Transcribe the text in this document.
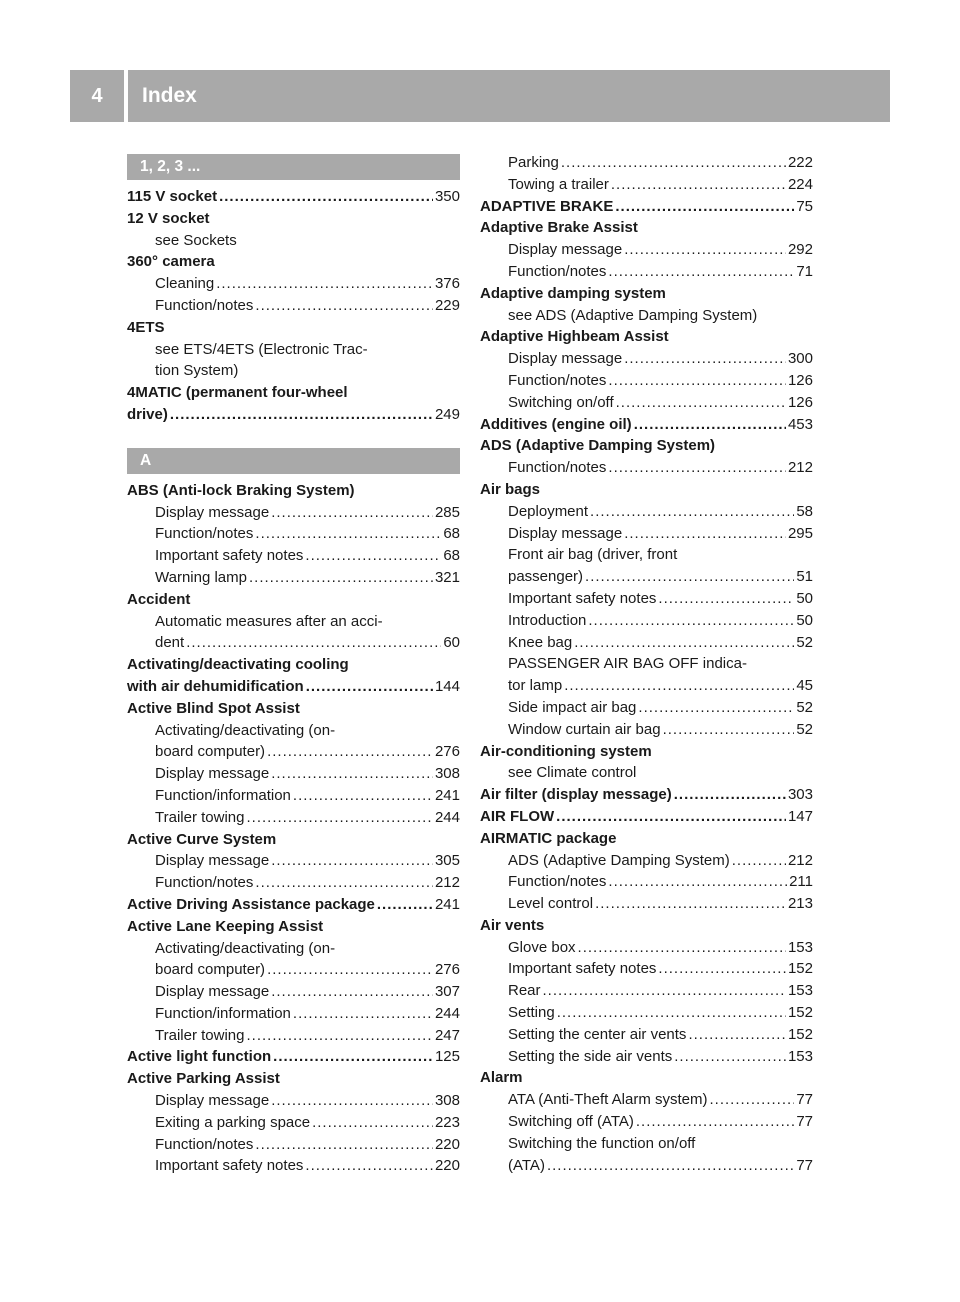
4	Index
1, 2, 3 ...
115 V socket .....	350
12 V socket
see Sockets
360° camera
Cleaning .....	376
Function/notes .....	229
4ETS
see ETS/4ETS (Electronic Trac-
tion System)
4MATIC (permanent four-wheel
drive) .....	249
A
ABS (Anti-lock Braking System)
Display message .....	285
Function/notes .....	68
Important safety notes .....	68
Warning lamp .....	321
Accident
Automatic measures after an acci-
dent .....	60
Activating/deactivating cooling
with air dehumidification .....	144
Active Blind Spot Assist
Activating/deactivating (on-
board computer) .....	276
Display message .....	308
Function/information .....	241
Trailer towing .....	244
Active Curve System
Display message .....	305
Function/notes .....	212
Active Driving Assistance package .....	241
Active Lane Keeping Assist
Activating/deactivating (on-
board computer) .....	276
Display message .....	307
Function/information .....	244
Trailer towing .....	247
Active light function .....	125
Active Parking Assist
Display message .....	308
Exiting a parking space .....	223
Function/notes .....	220
Important safety notes .....	220
Parking .....	222
Towing a trailer .....	224
ADAPTIVE BRAKE .....	75
Adaptive Brake Assist
Display message .....	292
Function/notes .....	71
Adaptive damping system
see ADS (Adaptive Damping System)
Adaptive Highbeam Assist
Display message .....	300
Function/notes .....	126
Switching on/off .....	126
Additives (engine oil) .....	453
ADS (Adaptive Damping System)
Function/notes .....	212
Air bags
Deployment .....	58
Display message .....	295
Front air bag (driver, front
passenger) .....	51
Important safety notes .....	50
Introduction .....	50
Knee bag .....	52
PASSENGER AIR BAG OFF indica-
tor lamp .....	45
Side impact air bag .....	52
Window curtain air bag .....	52
Air-conditioning system
see Climate control
Air filter (display message) .....	303
AIR FLOW .....	147
AIRMATIC package
ADS (Adaptive Damping System) .....	212
Function/notes .....	211
Level control .....	213
Air vents
Glove box .....	153
Important safety notes .....	152
Rear .....	153
Setting .....	152
Setting the center air vents .....	152
Setting the side air vents .....	153
Alarm
ATA (Anti-Theft Alarm system) .....	77
Switching off (ATA) .....	77
Switching the function on/off
(ATA) .....	77
